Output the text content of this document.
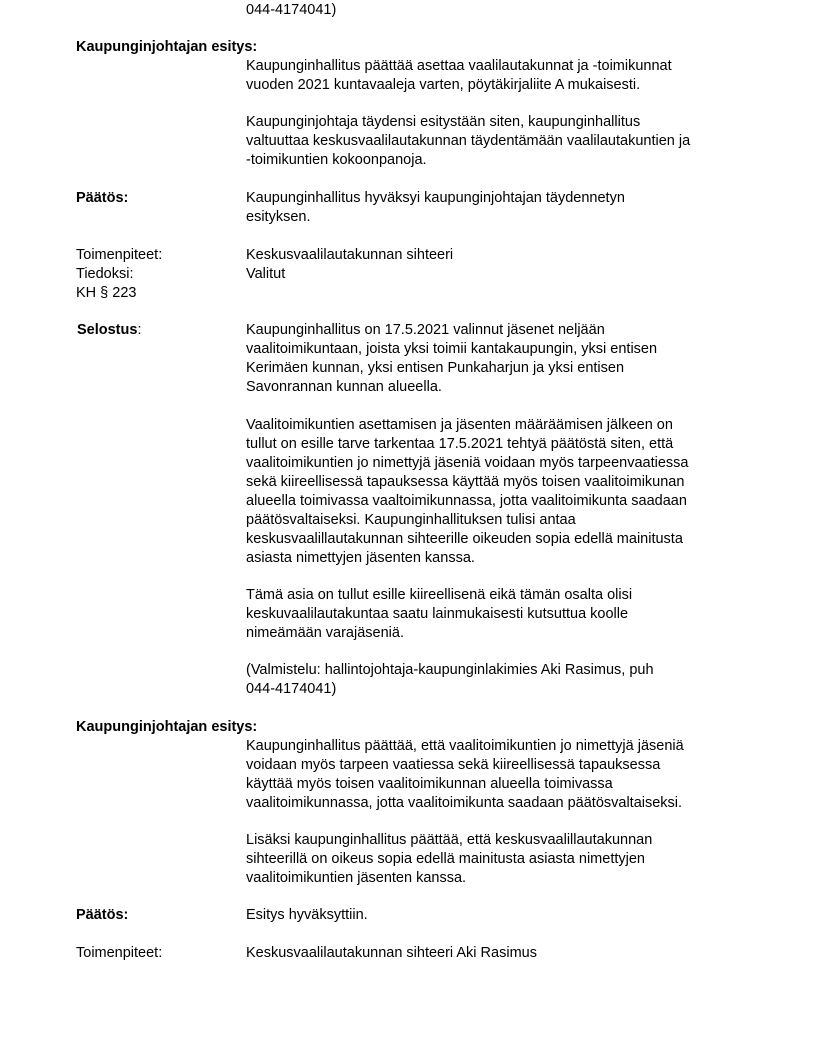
044-4174041)
Kaupunginjohtajan esitys:
Kaupunginhallitus päättää asettaa vaalilautakunnat ja -toimikunnat
vuoden 2021 kuntavaaleja varten, pöytäkirjaliite A mukaisesti.
Kaupunginjohtaja täydensi esitystään siten, kaupunginhallitus
valtuuttaa keskusvaalilautakunnan täydentämään vaalilautakuntien ja
-toimikuntien kokoonpanoja.
Päätös:	Kaupunginhallitus hyväksyi kaupunginjohtajan täydennetyn
esityksen.
Toimenpiteet:	Keskusvaalilautakunnan sihteeri
Tiedoksi:	Valitut
KH § 223
Selostus:	Kaupunginhallitus on 17.5.2021 valinnut jäsenet neljään
vaalitoimikuntaan, joista yksi toimii kantakaupungin, yksi entisen
Kerimäen kunnan, yksi entisen Punkaharjun ja yksi entisen
Savonrannan kunnan alueella.
Vaalitoimikuntien asettamisen ja jäsenten määräämisen jälkeen on
tullut on esille tarve tarkentaa 17.5.2021 tehtyä päätöstä siten, että
vaalitoimikuntien jo nimettyjä jäseniä voidaan myös tarpeenvaatiessa
sekä kiireellisessä tapauksessa käyttää myös toisen vaalitoimikunan
alueella toimivassa vaaltoimikunnassa, jotta vaalitoimikunta saadaan
päätösvaltaiseksi. Kaupunginhallituksen tulisi antaa
keskusvaalillautakunnan sihteerille oikeuden sopia edellä mainitusta
asiasta nimettyjen jäsenten kanssa.
Tämä asia on tullut esille kiireellisenä eikä tämän osalta olisi
keskuvaalilautakuntaa saatu lainmukaisesti kutsuttua koolle
nimeämään varajäseniä.
(Valmistelu: hallintojohtaja-kaupunginlakimies Aki Rasimus, puh
044-4174041)
Kaupunginjohtajan esitys:
Kaupunginhallitus päättää, että vaalitoimikuntien jo nimettyjä jäseniä
voidaan myös tarpeen vaatiessa sekä kiireellisessä tapauksessa
käyttää myös toisen vaalitoimikunnan alueella toimivassa
vaalitoimikunnassa, jotta vaalitoimikunta saadaan päätösvaltaiseksi.
Lisäksi kaupunginhallitus päättää, että keskusvaalillautakunnan
sihteerillä on oikeus sopia edellä mainitusta asiasta nimettyjen
vaalitoimikuntien jäsenten kanssa.
Päätös:	Esitys hyväksyttiin.
Toimenpiteet:	Keskusvaalilautakunnan sihteeri Aki Rasimus
